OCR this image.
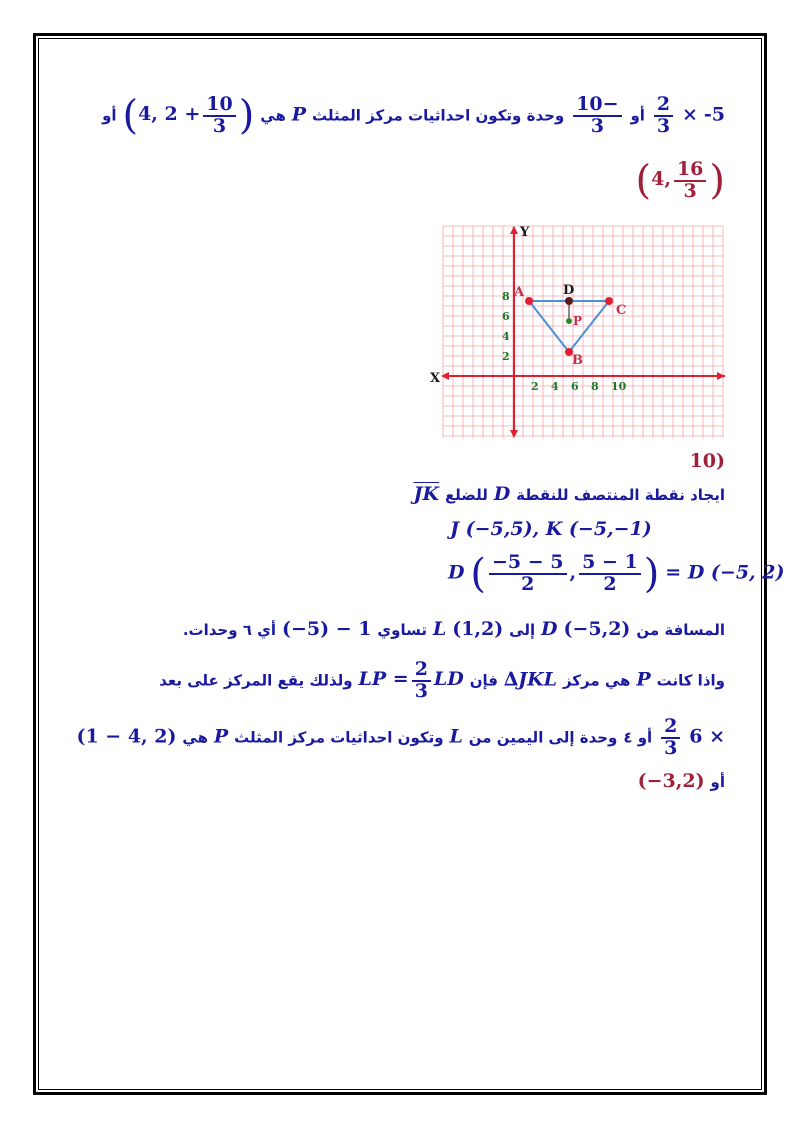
5- ×
$\frac{2}{3}$
أو
$\frac{-10}{3}$
وحدة وتكون احداثيات مركز المثلث P هي (4, $2 + \frac{10}{3}$ ) أو
(4, $\frac{16}{3}$ )
X
Y
2 4 6 8 10
8
6
4
2
A	D
C
B
P
(10
ايجاد نقطة المنتصف للنقطة D للضلع JK
J (−5,5), K (−5,−1)
D ( $\frac{-5 - 5}{2}$ , $\frac{5 - 1}{2}$ ) = D (−5, 2)
المسافة من (−5,2) D إلى (1,2) L تساوي (−5) − 1 أي ٦ وحدات.
واذا كانت P هي مركز ∆JKL فإن LP = $\frac{2}{3}$ LD ولذلك يقع المركز على بعد
6 ×
$\frac{2}{3}$
أو ٤ وحدة إلى اليمين من L وتكون احداثيات مركز المثلث P هي (1 − 4, 2)
أو (−3,2)
